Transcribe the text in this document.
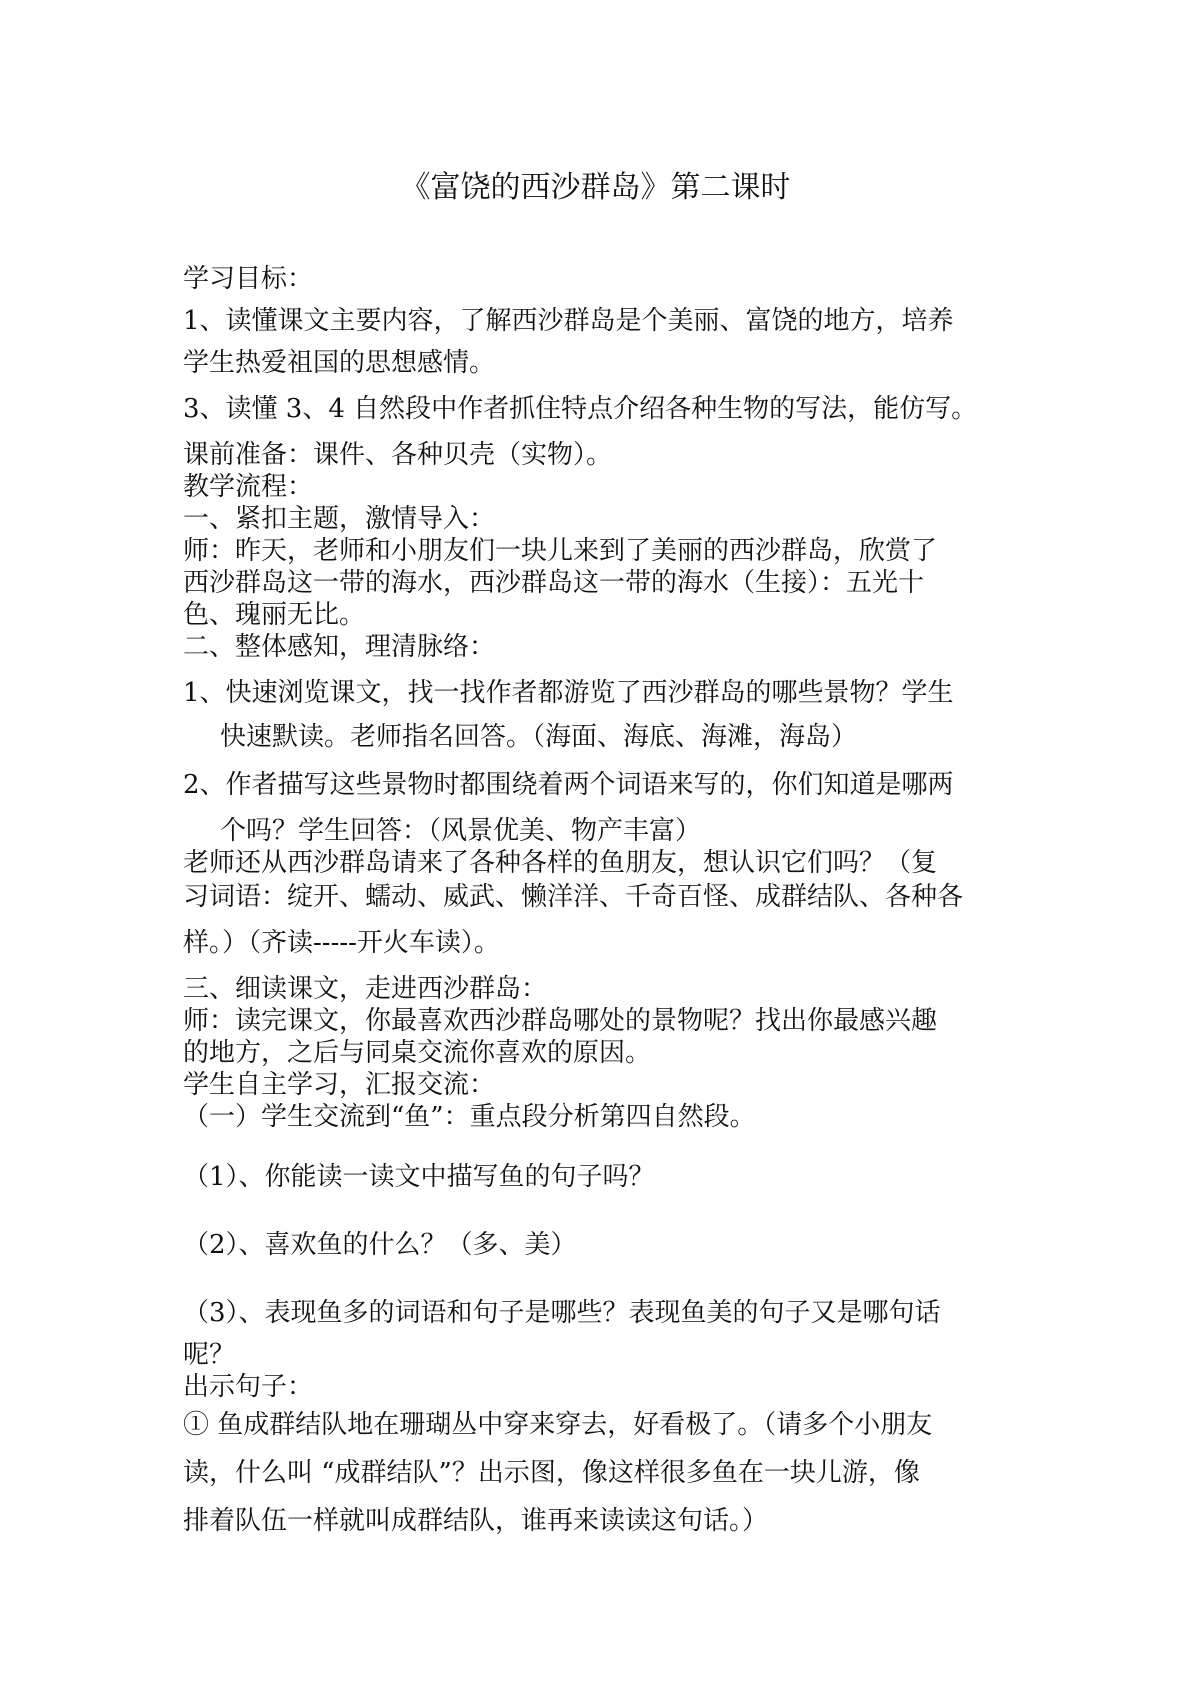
《富饶的西沙群岛》第二课时
学习目标：
1、读懂课文主要内容，了解西沙群岛是个美丽、富饶的地方，培养
学生热爱祖国的思想感情。
3、读懂 3、4 自然段中作者抓住特点介绍各种生物的写法，能仿写。
课前准备：课件、各种贝壳（实物）。
教学流程：
一、紧扣主题，激情导入：
师：昨天，老师和小朋友们一块儿来到了美丽的西沙群岛，欣赏了
西沙群岛这一带的海水，西沙群岛这一带的海水（生接）：五光十
色、瑰丽无比。
二、整体感知，理清脉络：
1、快速浏览课文，找一找作者都游览了西沙群岛的哪些景物？学生
快速默读。老师指名回答。（海面、海底、海滩，海岛）
2、作者描写这些景物时都围绕着两个词语来写的，你们知道是哪两
个吗？学生回答：（风景优美、物产丰富）
老师还从西沙群岛请来了各种各样的鱼朋友，想认识它们吗？（复
习词语：绽开、蠕动、威武、懒洋洋、千奇百怪、成群结队、各种各
样。）（齐读-----开火车读）。
三、细读课文，走进西沙群岛：
师：读完课文，你最喜欢西沙群岛哪处的景物呢？找出你最感兴趣
的地方，之后与同桌交流你喜欢的原因。
学生自主学习，汇报交流：
（一）学生交流到“鱼”：重点段分析第四自然段。
（1）、你能读一读文中描写鱼的句子吗？
（2）、喜欢鱼的什么？（多、美）
（3）、表现鱼多的词语和句子是哪些？表现鱼美的句子又是哪句话
呢？
出示句子：
① 鱼成群结队地在珊瑚丛中穿来穿去，好看极了。（请多个小朋友
读，什么叫 “成群结队”？出示图，像这样很多鱼在一块儿游，像
排着队伍一样就叫成群结队，谁再来读读这句话。）
